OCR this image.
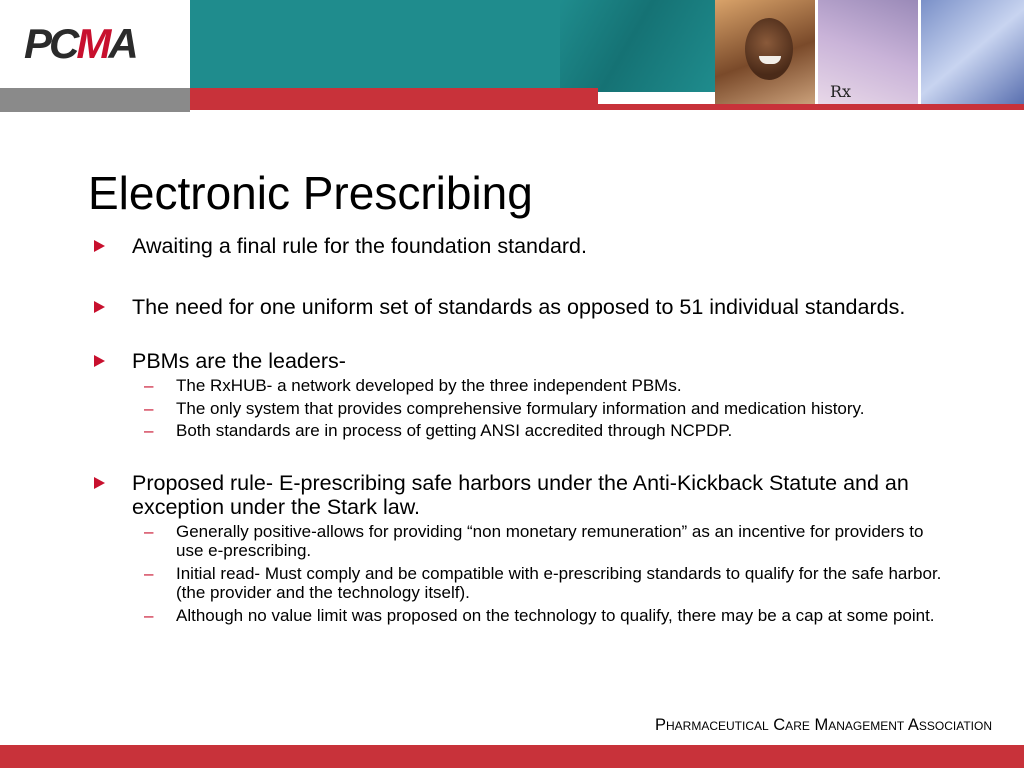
PCMA
Rx
Electronic Prescribing
Awaiting a final rule for the foundation standard.
The need for one uniform set of standards as opposed to 51 individual standards.
PBMs are the leaders-
– The RxHUB- a network developed by the three independent PBMs.
– The only system that provides comprehensive formulary information and medication history.
– Both standards are in process of getting ANSI accredited through NCPDP.
Proposed rule- E-prescribing safe harbors under the Anti-Kickback Statute and an exception under the Stark law.
– Generally positive-allows for providing “non monetary remuneration” as an incentive for providers to use e-prescribing.
– Initial read- Must comply and be compatible with e-prescribing standards to qualify for the safe harbor. (the provider and the technology itself).
– Although no value limit was proposed on the technology to qualify, there may be a cap at some point.
Pharmaceutical Care Management Association
